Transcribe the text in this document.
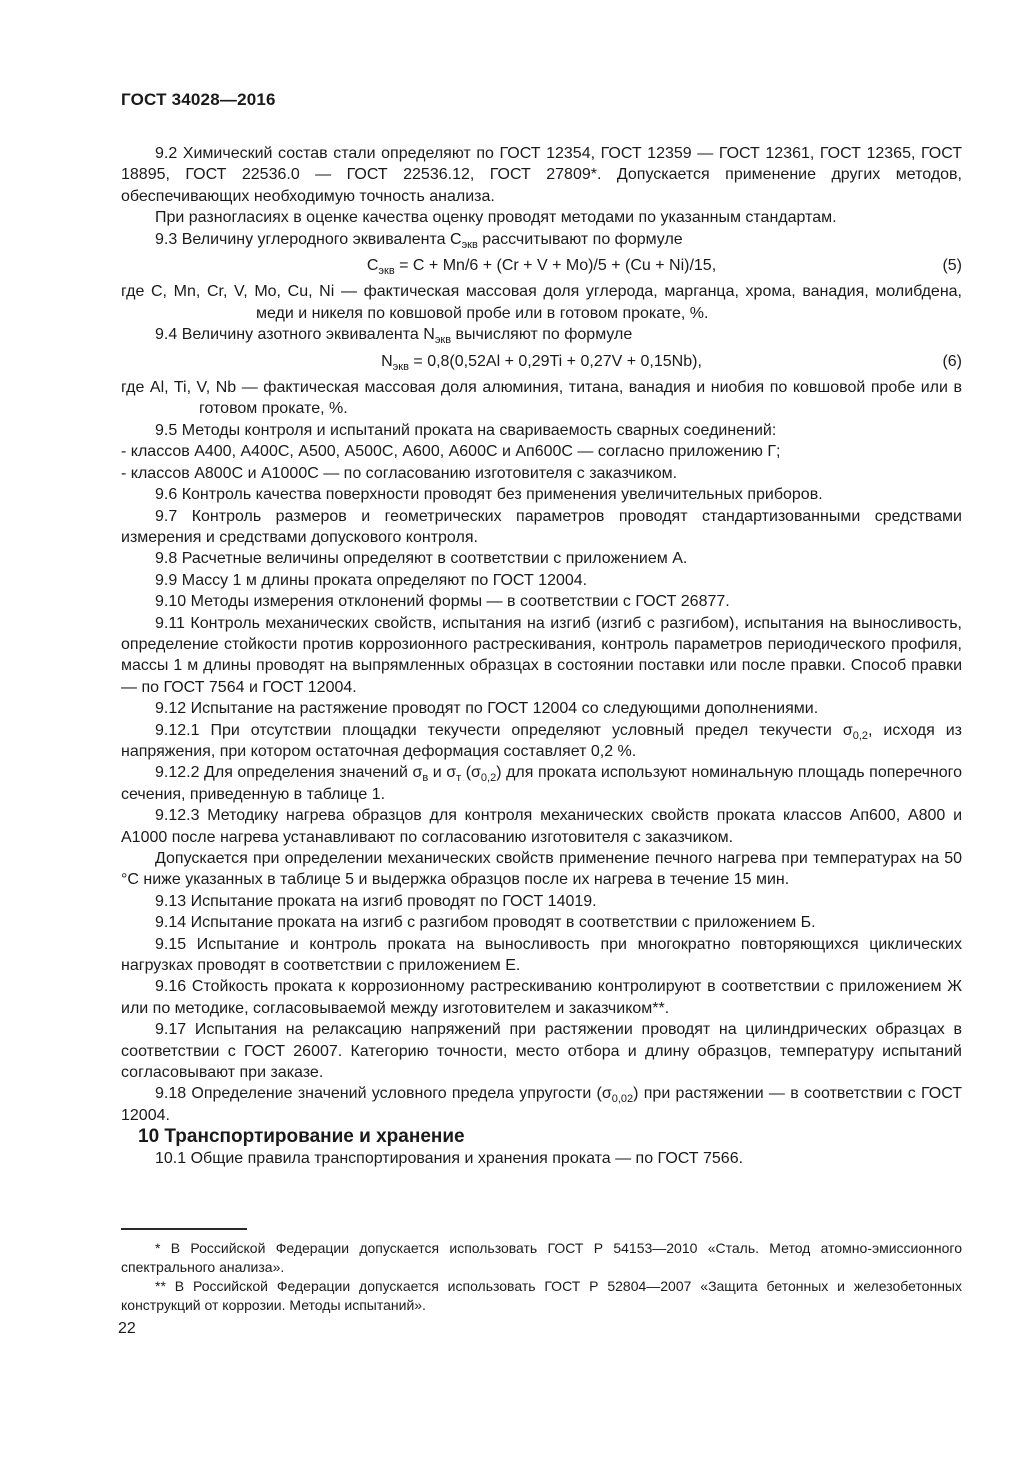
ГОСТ 34028—2016

9.2 Химический состав стали определяют по ГОСТ 12354, ГОСТ 12359 — ГОСТ 12361, ГОСТ 12365, ГОСТ 18895, ГОСТ 22536.0 — ГОСТ 22536.12, ГОСТ 27809*. Допускается применение других методов, обеспечивающих необходимую точность анализа.

При разногласиях в оценке качества оценку проводят методами по указанным стандартам.

9.3 Величину углеродного эквивалента $C_{экв}$ рассчитывают по формуле

$C_{экв} = C + Mn/6 + (Cr + V + Mo)/5 + (Cu + Ni)/15$,	(5)

где C, Mn, Cr, V, Mo, Cu, Ni — фактическая массовая доля углерода, марганца, хрома, ванадия, молибдена, меди и никеля по ковшовой пробе или в готовом прокате, %.

9.4 Величину азотного эквивалента $N_{экв}$ вычисляют по формуле

$N_{экв} = 0,8(0,52Al + 0,29Ti + 0,27V + 0,15Nb)$,	(6)

где Al, Ti, V, Nb — фактическая массовая доля алюминия, титана, ванадия и ниобия по ковшовой пробе или в готовом прокате, %.

9.5 Методы контроля и испытаний проката на свариваемость сварных соединений:

- классов А400, А400С, А500, А500С, А600, А600С и Ап600С — согласно приложению Г;

- классов А800С и А1000С — по согласованию изготовителя с заказчиком.

9.6 Контроль качества поверхности проводят без применения увеличительных приборов.

9.7 Контроль размеров и геометрических параметров проводят стандартизованными средствами измерения и средствами допускового контроля.

9.8 Расчетные величины определяют в соответствии с приложением А.

9.9 Массу 1 м длины проката определяют по ГОСТ 12004.

9.10 Методы измерения отклонений формы — в соответствии с ГОСТ 26877.

9.11 Контроль механических свойств, испытания на изгиб (изгиб с разгибом), испытания на выносливость, определение стойкости против коррозионного растрескивания, контроль параметров периодического профиля, массы 1 м длины проводят на выпрямленных образцах в состоянии поставки или после правки. Способ правки — по ГОСТ 7564 и ГОСТ 12004.

9.12 Испытание на растяжение проводят по ГОСТ 12004 со следующими дополнениями.

9.12.1 При отсутствии площадки текучести определяют условный предел текучести $\sigma_{0,2}$, исходя из напряжения, при котором остаточная деформация составляет 0,2 %.

9.12.2 Для определения значений $\sigma_в$ и $\sigma_т$ $(\sigma_{0,2})$ для проката используют номинальную площадь поперечного сечения, приведенную в таблице 1.

9.12.3 Методику нагрева образцов для контроля механических свойств проката классов Ап600, А800 и А1000 после нагрева устанавливают по согласованию изготовителя с заказчиком.

Допускается при определении механических свойств применение печного нагрева при температурах на 50 °С ниже указанных в таблице 5 и выдержка образцов после их нагрева в течение 15 мин.

9.13 Испытание проката на изгиб проводят по ГОСТ 14019.

9.14 Испытание проката на изгиб с разгибом проводят в соответствии с приложением Б.

9.15 Испытание и контроль проката на выносливость при многократно повторяющихся циклических нагрузках проводят в соответствии с приложением Е.

9.16 Стойкость проката к коррозионному растрескиванию контролируют в соответствии с приложением Ж или по методике, согласовываемой между изготовителем и заказчиком**.

9.17 Испытания на релаксацию напряжений при растяжении проводят на цилиндрических образцах в соответствии с ГОСТ 26007. Категорию точности, место отбора и длину образцов, температуру испытаний согласовывают при заказе.

9.18 Определение значений условного предела упругости $(\sigma_{0,02})$ при растяжении — в соответствии с ГОСТ 12004.

10 Транспортирование и хранение

10.1 Общие правила транспортирования и хранения проката — по ГОСТ 7566.

* В Российской Федерации допускается использовать ГОСТ Р 54153—2010 «Сталь. Метод атомно-эмиссионного спектрального анализа».

** В Российской Федерации допускается использовать ГОСТ Р 52804—2007 «Защита бетонных и железобетонных конструкций от коррозии. Методы испытаний».

22
